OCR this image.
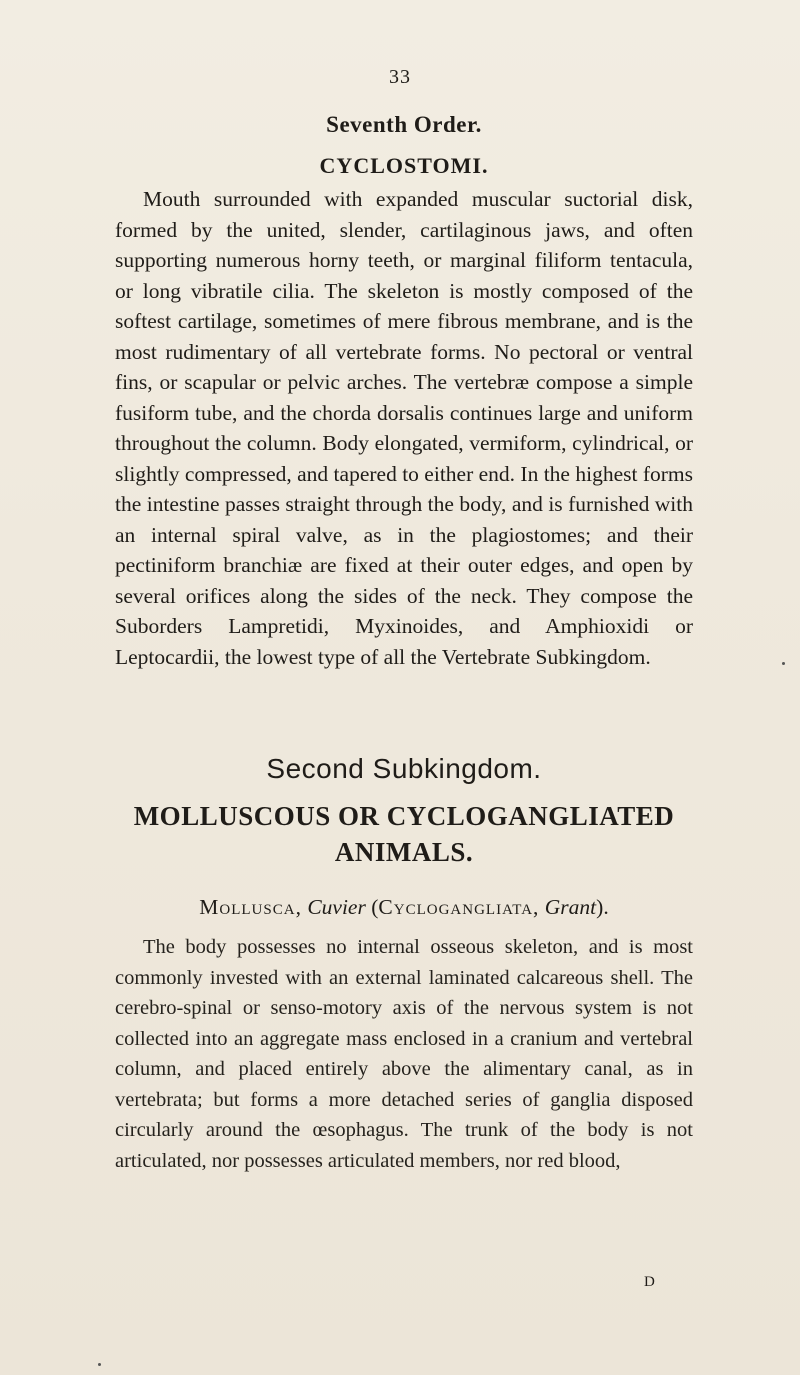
33
Seventh Order.
CYCLOSTOMI.

Mouth surrounded with expanded muscular suctorial disk, formed by the united, slender, cartilaginous jaws, and often supporting numerous horny teeth, or marginal filiform tentacula, or long vibratile cilia. The skeleton is mostly composed of the softest cartilage, sometimes of mere fibrous membrane, and is the most rudimentary of all vertebrate forms. No pectoral or ventral fins, or scapular or pelvic arches. The vertebræ compose a simple fusiform tube, and the chorda dorsalis continues large and uniform throughout the column. Body elongated, vermiform, cylindrical, or slightly compressed, and tapered to either end. In the highest forms the intestine passes straight through the body, and is furnished with an internal spiral valve, as in the plagiostomes; and their pectiniform branchiæ are fixed at their outer edges, and open by several orifices along the sides of the neck. They compose the Suborders Lampretidi, Myxinoides, and Amphioxidi or Leptocardii, the lowest type of all the Vertebrate Subkingdom.

Second Subkingdom.
MOLLUSCOUS OR CYCLOGANGLIATED
ANIMALS.
Mollusca, Cuvier (Cyclogangliata, Grant).

The body possesses no internal osseous skeleton, and is most commonly invested with an external laminated calcareous shell. The cerebro-spinal or senso-motory axis of the nervous system is not collected into an aggregate mass enclosed in a cranium and vertebral column, and placed entirely above the alimentary canal, as in vertebrata; but forms a more detached series of ganglia disposed circularly around the œsophagus. The trunk of the body is not articulated, nor possesses articulated members, nor red blood,

D
